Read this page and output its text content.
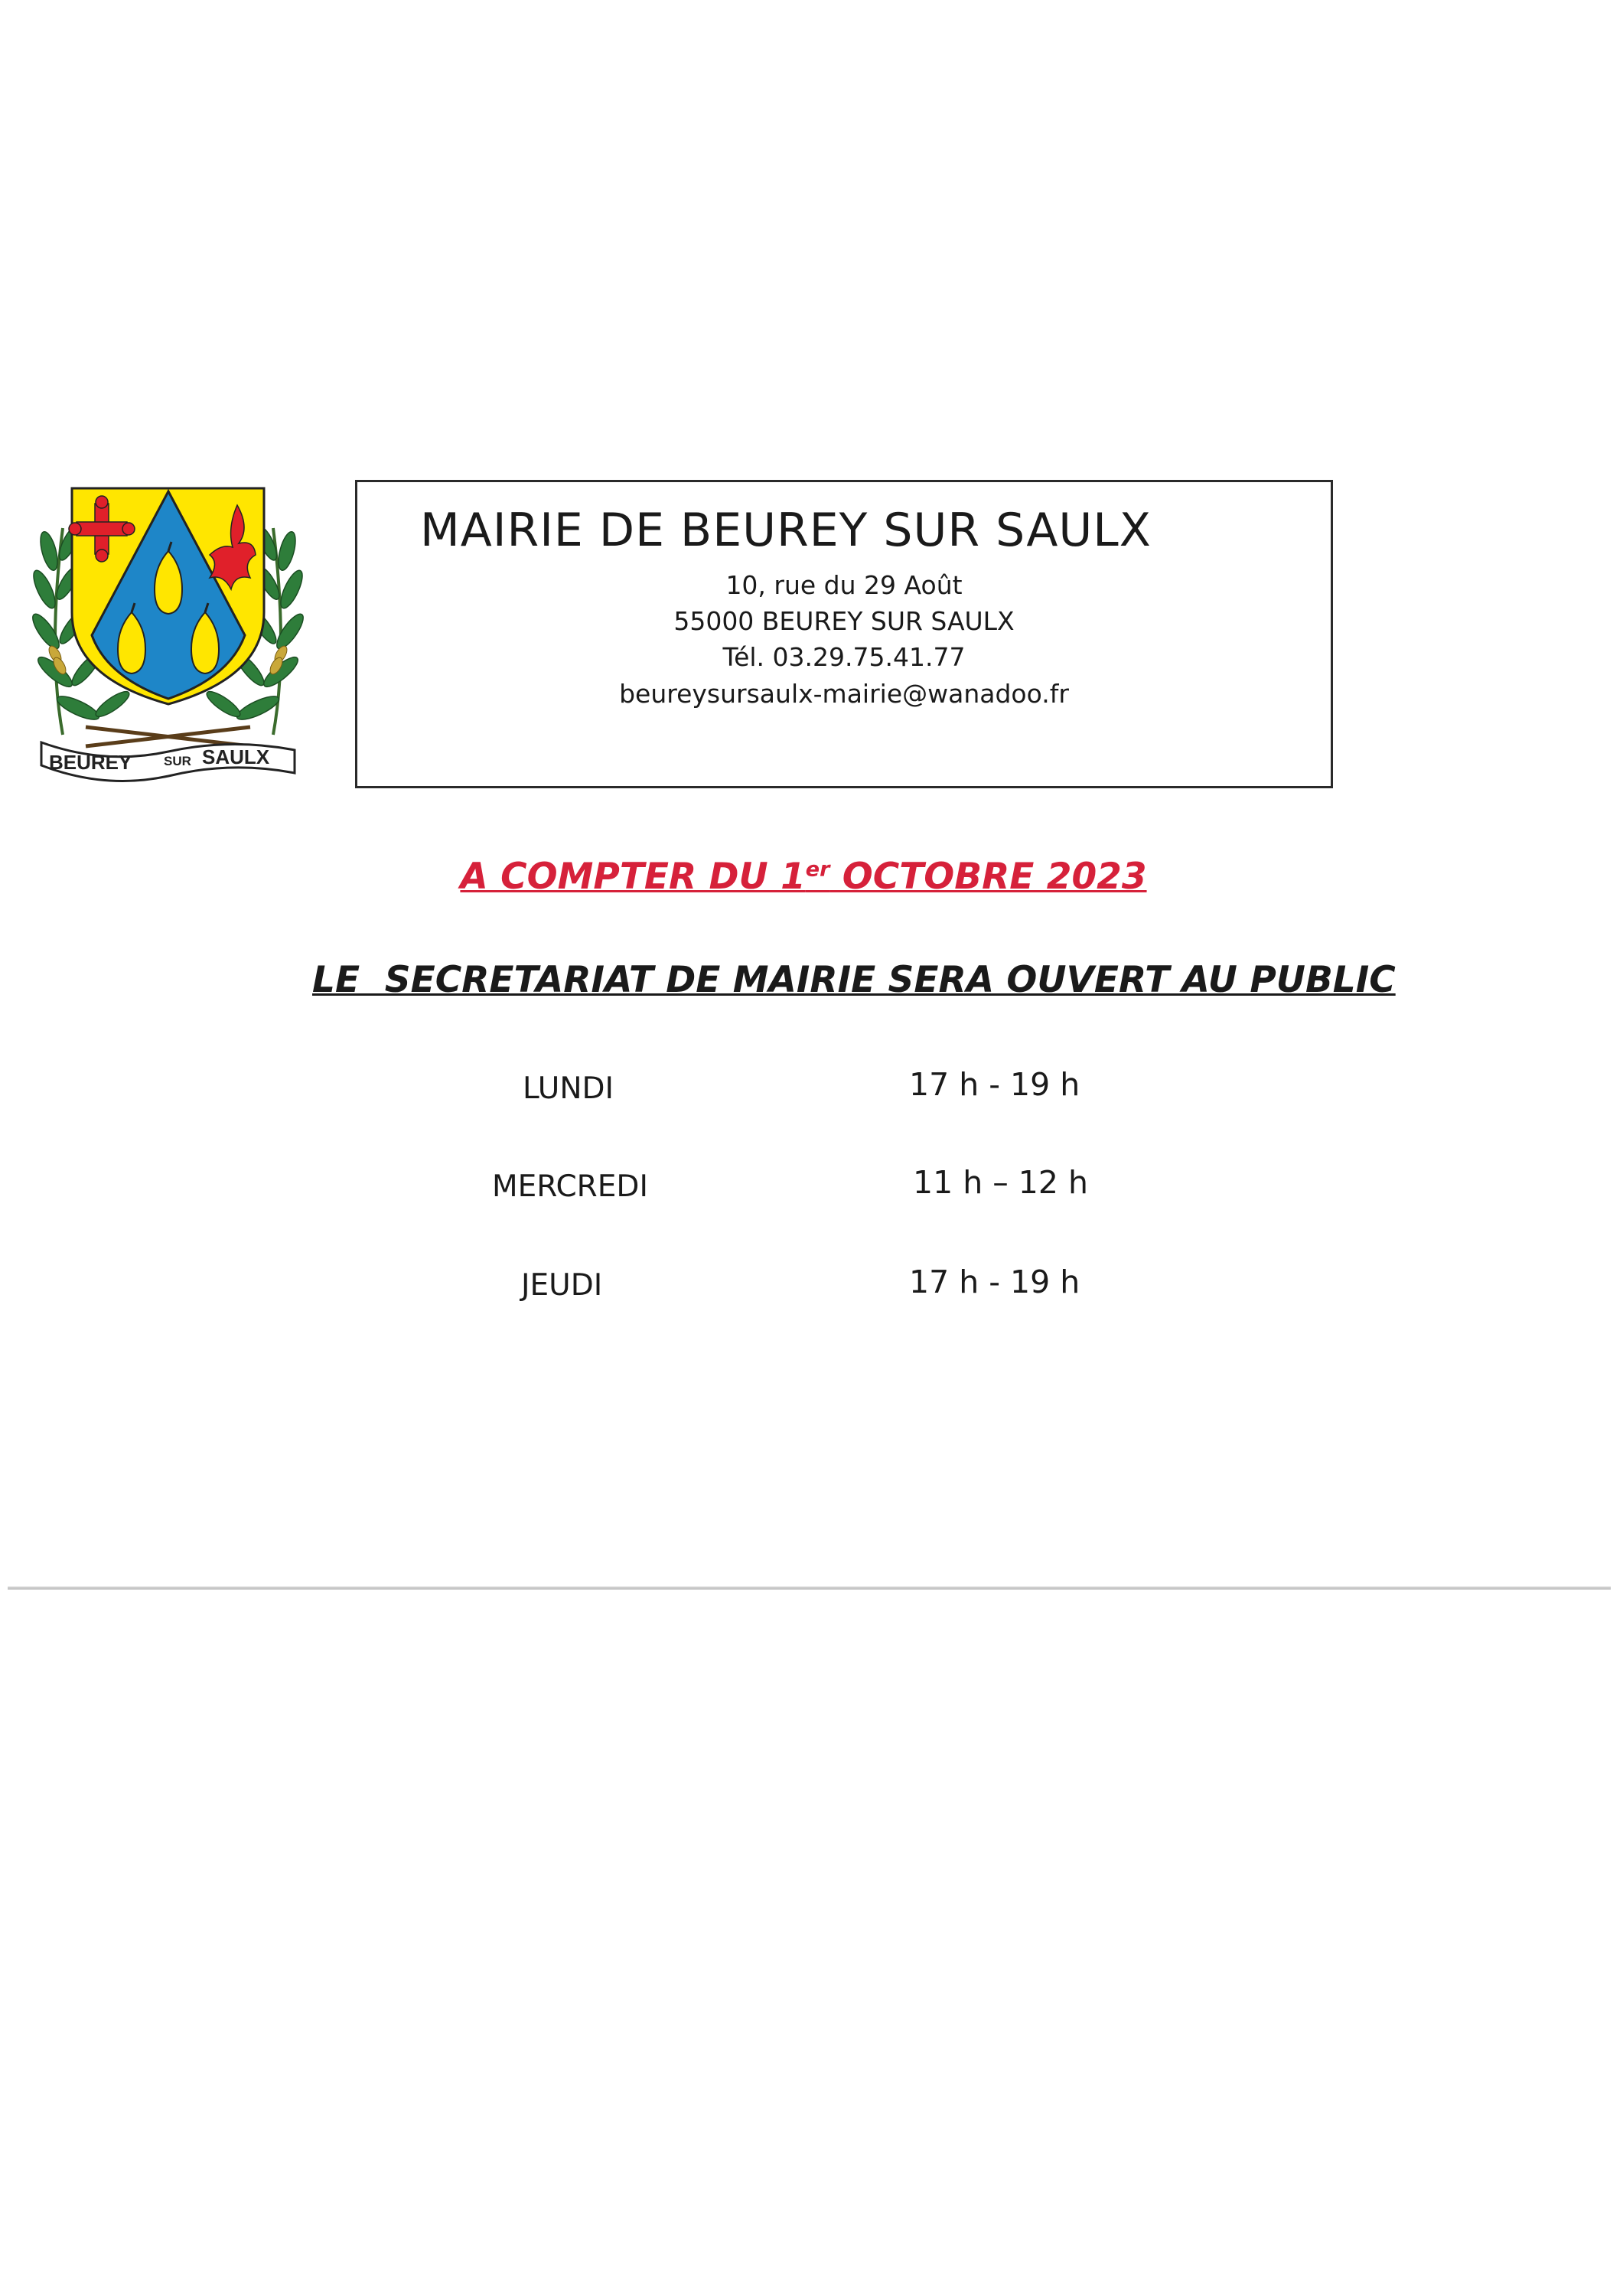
BEUREY SUR SAULX
MAIRIE DE BEUREY SUR SAULX
10, rue du 29 Août
55000 BEUREY SUR SAULX
Tél. 03.29.75.41.77
beureysursaulx-mairie@wanadoo.fr
A COMPTER DU 1er OCTOBRE 2023
LE  SECRETARIAT DE MAIRIE SERA OUVERT AU PUBLIC
LUNDI	17 h - 19 h
MERCREDI	11 h – 12 h
JEUDI	17 h - 19 h
